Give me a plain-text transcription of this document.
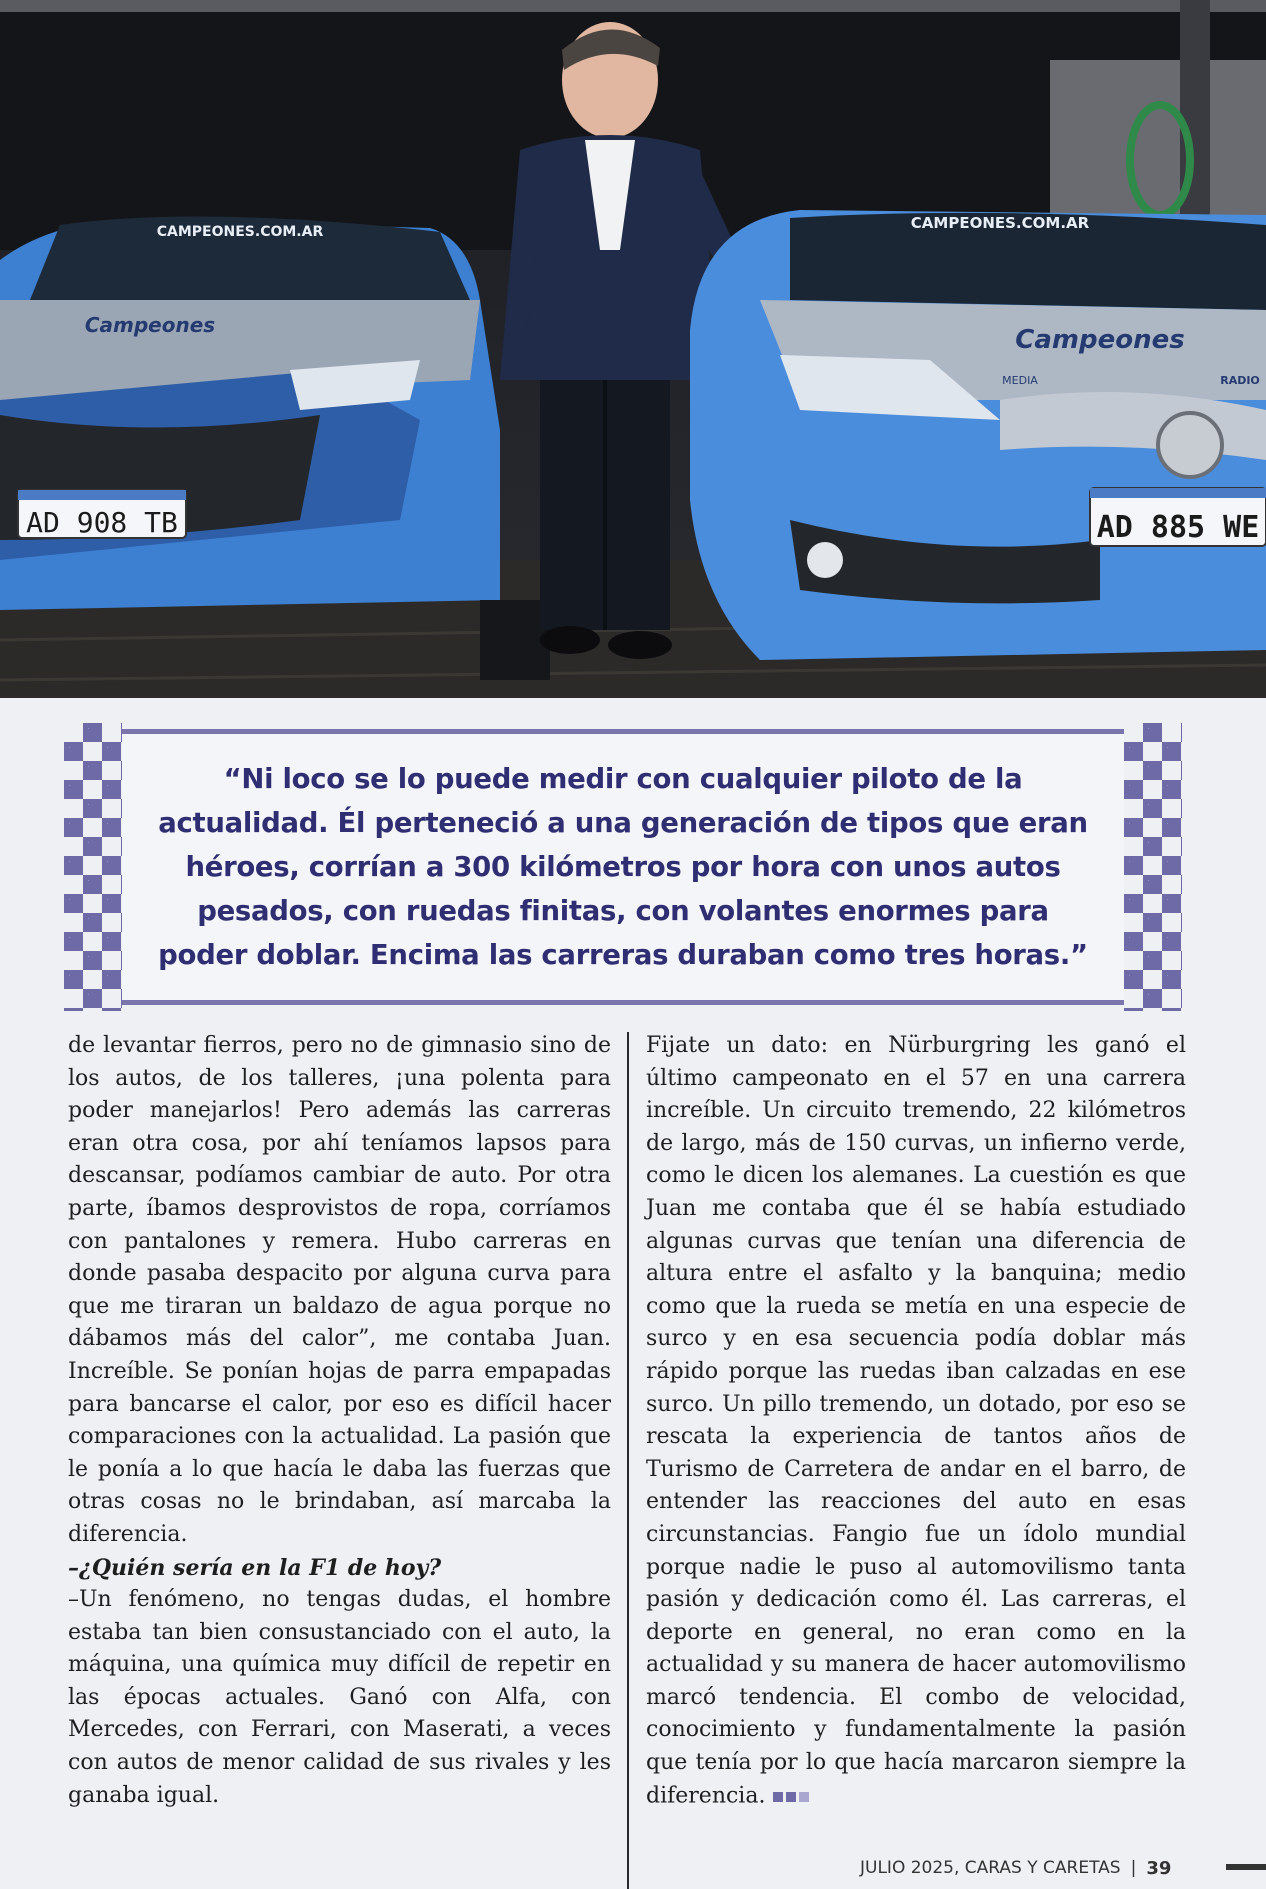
AD 908 TB
CAMPEONES.COM.AR
Campeones
AD 885 WE
CAMPEONES.COM.AR
Campeones
MEDIA	RADIO

“Ni loco se lo puede medir con cualquier piloto de la actualidad. Él perteneció a una generación de tipos que eran héroes, corrían a 300 kilómetros por hora con unos autos pesados, con ruedas finitas, con volantes enormes para poder doblar. Encima las carreras duraban como tres horas.”

de levantar fierros, pero no de gimnasio sino de los autos, de los talleres, ¡una polenta para poder manejarlos! Pero además las carreras eran otra cosa, por ahí teníamos lapsos para descansar, podíamos cambiar de auto. Por otra parte, íbamos desprovistos de ropa, corríamos con pantalones y remera. Hubo carreras en donde pasaba despacito por alguna curva para que me tiraran un baldazo de agua porque no dábamos más del calor”, me contaba Juan. Increíble. Se ponían hojas de parra empapadas para bancarse el calor, por eso es difícil hacer comparaciones con la actualidad. La pasión que le ponía a lo que hacía le daba las fuerzas que otras cosas no le brindaban, así marcaba la diferencia.

–¿Quién sería en la F1 de hoy?

–Un fenómeno, no tengas dudas, el hombre estaba tan bien consustanciado con el auto, la máquina, una química muy difícil de repetir en las épocas actuales. Ganó con Alfa, con Mercedes, con Ferrari, con Maserati, a veces con autos de menor calidad de sus rivales y les ganaba igual.

Fijate un dato: en Nürburgring les ganó el último campeonato en el 57 en una carrera increíble. Un circuito tremendo, 22 kilómetros de largo, más de 150 curvas, un infierno verde, como le dicen los alemanes. La cuestión es que Juan me contaba que él se había estudiado algunas curvas que tenían una diferencia de altura entre el asfalto y la banquina; medio como que la rueda se metía en una especie de surco y en esa secuencia podía doblar más rápido porque las ruedas iban calzadas en ese surco. Un pillo tremendo, un dotado, por eso se rescata la experiencia de tantos años de Turismo de Carretera de andar en el barro, de entender las reacciones del auto en esas circunstancias. Fangio fue un ídolo mundial porque nadie le puso al automovilismo tanta pasión y dedicación como él. Las carreras, el deporte en general, no eran como en la actualidad y su manera de hacer automovilismo marcó tendencia. El combo de velocidad, conocimiento y fundamentalmente la pasión que tenía por lo que hacía marcaron siempre la diferencia.

JULIO 2025, CARAS Y CARETAS | 39
